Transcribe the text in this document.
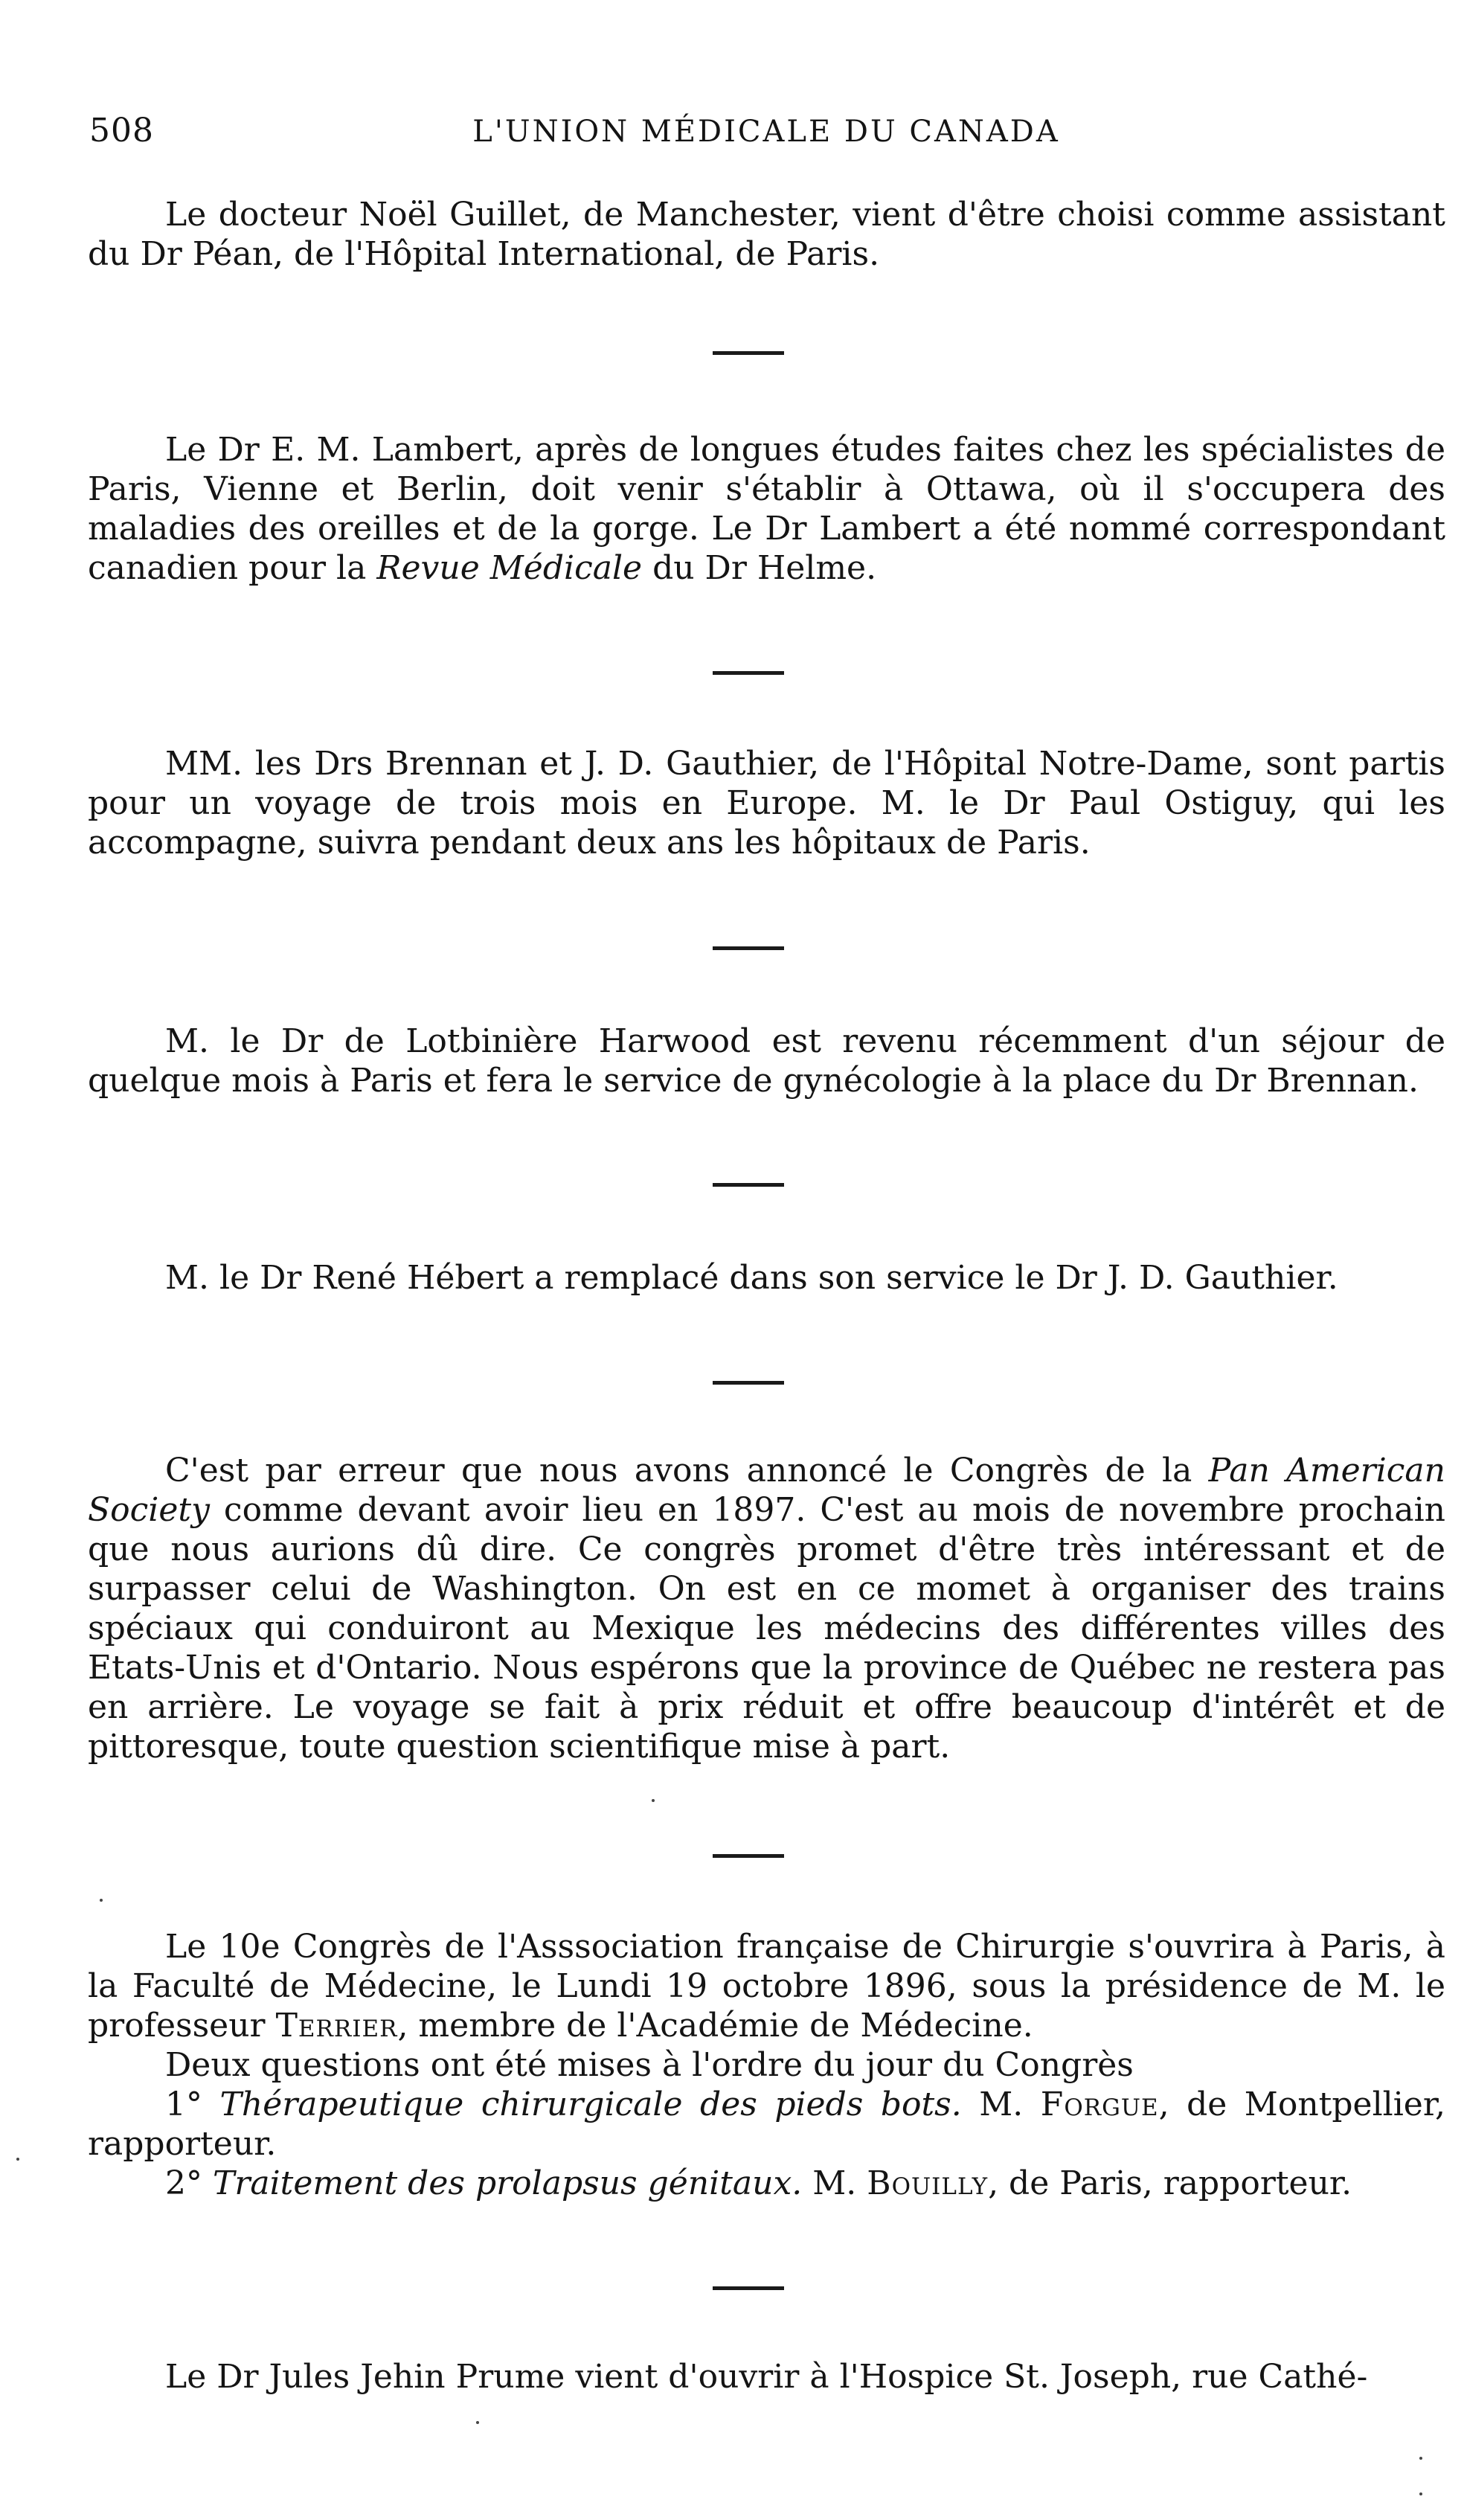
508	L'UNION MÉDICALE DU CANADA

Le docteur Noël Guillet, de Manchester, vient d'être choisi comme assistant du Dr Péan, de l'Hôpital International, de Paris.

Le Dr E. M. Lambert, après de longues études faites chez les spécialistes de Paris, Vienne et Berlin, doit venir s'établir à Ottawa, où il s'occupera des maladies des oreilles et de la gorge. Le Dr Lambert a été nommé correspondant canadien pour la Revue Médicale du Dr Helme.

MM. les Drs Brennan et J. D. Gauthier, de l'Hôpital Notre-Dame, sont partis pour un voyage de trois mois en Europe. M. le Dr Paul Ostiguy, qui les accompagne, suivra pendant deux ans les hôpitaux de Paris.

M. le Dr de Lotbinière Harwood est revenu récemment d'un séjour de quelque mois à Paris et fera le service de gynécologie à la place du Dr Brennan.

M. le Dr René Hébert a remplacé dans son service le Dr J. D. Gauthier.

C'est par erreur que nous avons annoncé le Congrès de la Pan American Society comme devant avoir lieu en 1897. C'est au mois de novembre prochain que nous aurions dû dire. Ce congrès promet d'être très intéressant et de surpasser celui de Washington. On est en ce momet à organiser des trains spéciaux qui conduiront au Mexique les médecins des différentes villes des Etats-Unis et d'Ontario. Nous espérons que la province de Québec ne restera pas en arrière. Le voyage se fait à prix réduit et offre beaucoup d'intérêt et de pittoresque, toute question scientifique mise à part.

Le 10e Congrès de l'Asssociation française de Chirurgie s'ouvrira à Paris, à la Faculté de Médecine, le Lundi 19 octobre 1896, sous la présidence de M. le professeur Terrier, membre de l'Académie de Médecine.

Deux questions ont été mises à l'ordre du jour du Congrès

1° Thérapeutique chirurgicale des pieds bots. M. Forgue, de Montpellier, rapporteur.

2° Traitement des prolapsus génitaux. M. Bouilly, de Paris, rapporteur.

Le Dr Jules Jehin Prume vient d'ouvrir à l'Hospice St. Joseph, rue Cathé-
